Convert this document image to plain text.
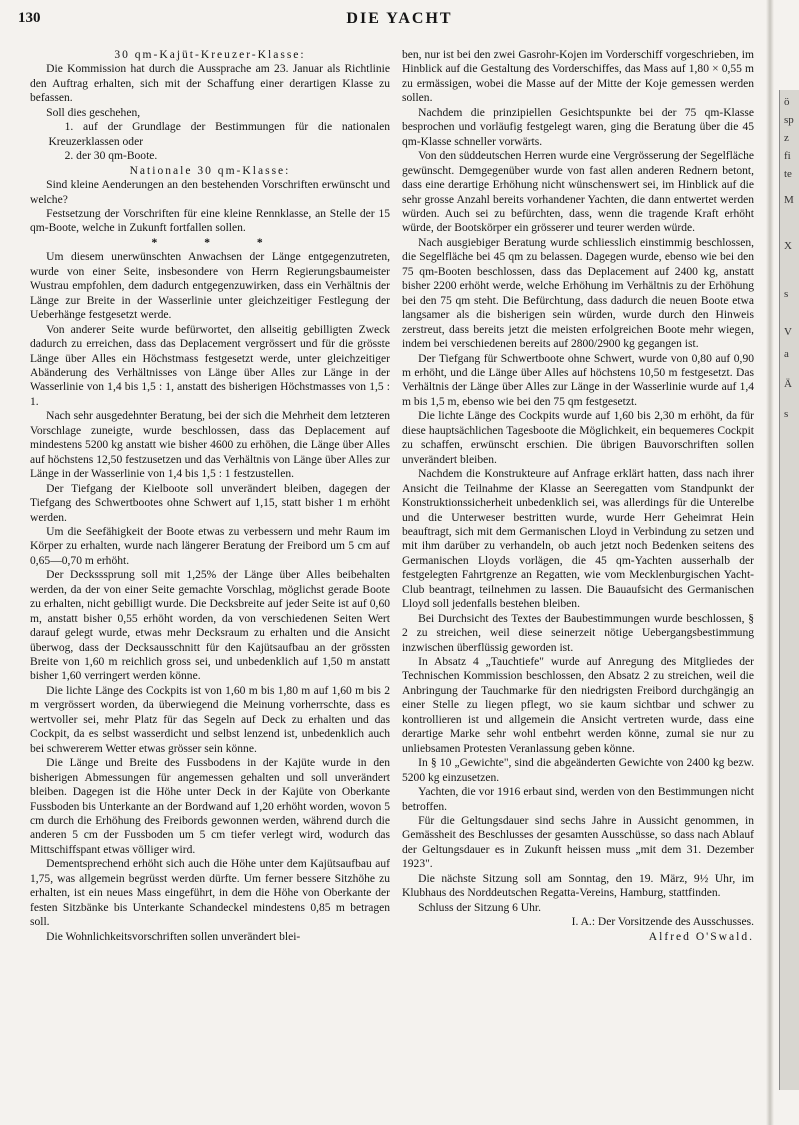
130	DIE YACHT

30 qm-Kajüt-Kreuzer-Klasse:

Die Kommission hat durch die Aussprache am 23. Januar als Richtlinie den Auftrag erhalten, sich mit der Schaffung einer derartigen Klasse zu befassen.

Soll dies geschehen,

1. auf der Grundlage der Bestimmungen für die nationalen Kreuzerklassen oder

2. der 30 qm-Boote.

Nationale 30 qm-Klasse:

Sind kleine Aenderungen an den bestehenden Vorschriften erwünscht und welche?

Festsetzung der Vorschriften für eine kleine Rennklasse, an Stelle der 15 qm-Boote, welche in Zukunft fortfallen sollen.

* * *

Um diesem unerwünschten Anwachsen der Länge entgegenzutreten, wurde von einer Seite, insbesondere von Herrn Regierungsbaumeister Wustrau empfohlen, dem dadurch entgegenzuwirken, dass ein Verhältnis der Länge zur Breite in der Wasserlinie unter gleichzeitiger Festlegung der Ueberhänge festgesetzt werde.

Von anderer Seite wurde befürwortet, den allseitig gebilligten Zweck dadurch zu erreichen, dass das Deplacement vergrössert und für die grösste Länge über Alles ein Höchstmass festgesetzt werde, unter gleichzeitiger Abänderung des Verhältnisses von Länge über Alles zur Länge in der Wasserlinie von 1,4 bis 1,5 : 1, anstatt des bisherigen Höchstmasses von 1,5 : 1.

Nach sehr ausgedehnter Beratung, bei der sich die Mehrheit dem letzteren Vorschlage zuneigte, wurde beschlossen, dass das Deplacement auf mindestens 5200 kg anstatt wie bisher 4600 zu erhöhen, die Länge über Alles auf höchstens 12,50 festzusetzen und das Verhältnis von Länge über Alles zur Länge in der Wasserlinie von 1,4 bis 1,5 : 1 festzustellen.

Der Tiefgang der Kielboote soll unverändert bleiben, dagegen der Tiefgang des Schwertbootes ohne Schwert auf 1,15, statt bisher 1 m erhöht werden.

Um die Seefähigkeit der Boote etwas zu verbessern und mehr Raum im Körper zu erhalten, wurde nach längerer Beratung der Freibord um 5 cm auf 0,65—0,70 m erhöht.

Der Decksssprung soll mit 1,25% der Länge über Alles beibehalten werden, da der von einer Seite gemachte Vorschlag, möglichst gerade Boote zu erhalten, nicht gebilligt wurde. Die Decksbreite auf jeder Seite ist auf 0,60 m, anstatt bisher 0,55 erhöht worden, da von verschiedenen Seiten Wert darauf gelegt wurde, etwas mehr Decksraum zu erhalten und die Ansicht überwog, dass der Decksausschnitt für den Kajütsaufbau an der grössten Breite von 1,60 m reichlich gross sei, und unbedenklich auf 1,50 m anstatt bisher 1,60 verringert werden könne.

Die lichte Länge des Cockpits ist von 1,60 m bis 1,80 m auf 1,60 m bis 2 m vergrössert worden, da überwiegend die Meinung vorherrschte, dass es wertvoller sei, mehr Platz für das Segeln auf Deck zu erhalten und das Cockpit, da es selbst wasserdicht und selbst lenzend ist, unbedenklich auch bei schwererem Wetter etwas grösser sein könne.

Die Länge und Breite des Fussbodens in der Kajüte wurde in den bisherigen Abmessungen für angemessen gehalten und soll unverändert bleiben. Dagegen ist die Höhe unter Deck in der Kajüte von Oberkante Fussboden bis Unterkante an der Bordwand auf 1,20 erhöht worden, wovon 5 cm durch die Erhöhung des Freibords gewonnen werden, während durch die anderen 5 cm der Fussboden um 5 cm tiefer verlegt wird, wodurch das Mittschiffspant etwas völliger wird.

Dementsprechend erhöht sich auch die Höhe unter dem Kajütsaufbau auf 1,75, was allgemein begrüsst werden dürfte. Um ferner bessere Sitzhöhe zu erhalten, ist ein neues Mass eingeführt, in dem die Höhe von Oberkante der festen Sitzbänke bis Unterkante Schandeckel mindestens 0,85 m betragen soll.

Die Wohnlichkeitsvorschriften sollen unverändert blei-

ben, nur ist bei den zwei Gasrohr-Kojen im Vorderschiff vorgeschrieben, im Hinblick auf die Gestaltung des Vorderschiffes, das Mass auf 1,80 × 0,55 m zu ermässigen, wobei die Masse auf der Mitte der Koje gemessen werden sollen.

Nachdem die prinzipiellen Gesichtspunkte bei der 75 qm-Klasse besprochen und vorläufig festgelegt waren, ging die Beratung über die 45 qm-Klasse schneller vorwärts.

Von den süddeutschen Herren wurde eine Vergrösserung der Segelfläche gewünscht. Demgegenüber wurde von fast allen anderen Rednern betont, dass eine derartige Erhöhung nicht wünschenswert sei, im Hinblick auf die sehr grosse Anzahl bereits vorhandener Yachten, die dann entwertet werden würden. Auch sei zu befürchten, dass, wenn die tragende Kraft erhöht würde, der Bootskörper ein grösserer und teurer werden würde.

Nach ausgiebiger Beratung wurde schliesslich einstimmig beschlossen, die Segelfläche bei 45 qm zu belassen. Dagegen wurde, ebenso wie bei den 75 qm-Booten beschlossen, dass das Deplacement auf 2400 kg, anstatt bisher 2200 erhöht werde, welche Erhöhung im Verhältnis zu der Erhöhung bei den 75 qm steht. Die Befürchtung, dass dadurch die neuen Boote etwa langsamer als die bisherigen sein würden, wurde durch den Hinweis zerstreut, dass bereits jetzt die meisten erfolgreichen Boote mehr wiegen, indem bei verschiedenen bereits auf 2800/2900 kg gegangen ist.

Der Tiefgang für Schwertboote ohne Schwert, wurde von 0,80 auf 0,90 m erhöht, und die Länge über Alles auf höchstens 10,50 m festgesetzt. Das Verhältnis der Länge über Alles zur Länge in der Wasserlinie wurde auf 1,4 m bis 1,5 m, ebenso wie bei den 75 qm festgesetzt.

Die lichte Länge des Cockpits wurde auf 1,60 bis 2,30 m erhöht, da für diese hauptsächlichen Tagesboote die Möglichkeit, ein bequemeres Cockpit zu schaffen, erwünscht erschien. Die übrigen Bauvorschriften sollen unverändert bleiben.

Nachdem die Konstrukteure auf Anfrage erklärt hatten, dass nach ihrer Ansicht die Teilnahme der Klasse an Seeregatten vom Standpunkt der Konstruktionssicherheit unbedenklich sei, was allerdings für die Unterelbe und die Unterweser bestritten wurde, wurde Herr Geheimrat Hein beauftragt, sich mit dem Germanischen Lloyd in Verbindung zu setzen und mit ihm darüber zu verhandeln, ob auch jetzt noch Bedenken seitens des Germanischen Lloyds vorlägen, die 45 qm-Yachten ausserhalb der festgelegten Fahrtgrenze an Regatten, wie vom Mecklenburgischen Yacht-Club beantragt, teilnehmen zu lassen. Die Bauaufsicht des Germanischen Lloyd soll jedenfalls bestehen bleiben.

Bei Durchsicht des Textes der Baubestimmungen wurde beschlossen, § 2 zu streichen, weil diese seinerzeit nötige Uebergangsbestimmung inzwischen überflüssig geworden ist.

In Absatz 4 „Tauchtiefe" wurde auf Anregung des Mitgliedes der Technischen Kommission beschlossen, den Absatz 2 zu streichen, weil die Anbringung der Tauchmarke für den niedrigsten Freibord durchgängig an einer Stelle zu liegen pflegt, wo sie kaum sichtbar und schwer zu kontrollieren ist und allgemein die Ansicht vertreten wurde, dass eine derartige Marke sehr wohl entbehrt werden könne, zumal sie nur zu unliebsamen Protesten Veranlassung geben könne.

In § 10 „Gewichte", sind die abgeänderten Gewichte von 2400 kg bezw. 5200 kg einzusetzen.

Yachten, die vor 1916 erbaut sind, werden von den Bestimmungen nicht betroffen.

Für die Geltungsdauer sind sechs Jahre in Aussicht genommen, in Gemässheit des Beschlusses der gesamten Ausschüsse, so dass nach Ablauf der Geltungsdauer es in Zukunft heissen muss „mit dem 31. Dezember 1923".

Die nächste Sitzung soll am Sonntag, den 19. März, 9½ Uhr, im Klubhaus des Norddeutschen Regatta-Vereins, Hamburg, stattfinden.

Schluss der Sitzung 6 Uhr.

I. A.: Der Vorsitzende des Ausschusses.

Alfred O'Swald.

ö
sp
z
fi
te
M
X
s
V
a
Ä
s
